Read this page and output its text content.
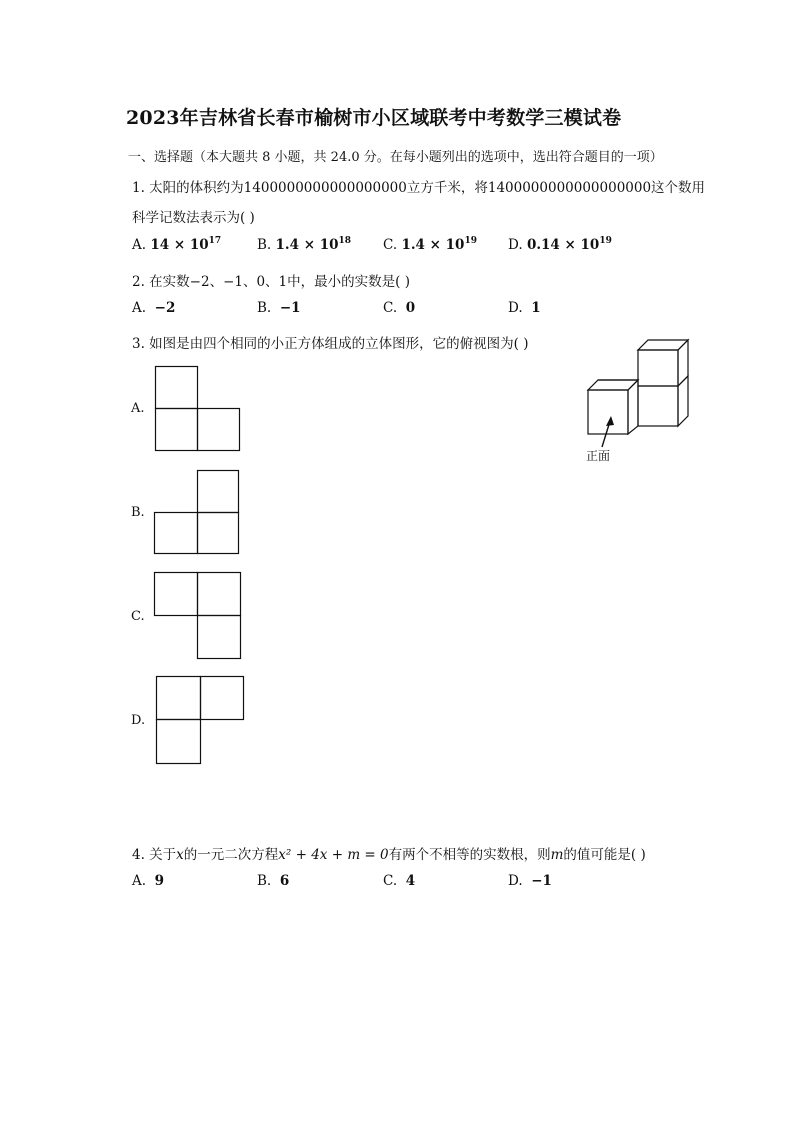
2023年吉林省长春市榆树市小区域联考中考数学三模试卷
一、选择题（本大题共 8 小题，共 24.0 分。在每小题列出的选项中，选出符合题目的一项）
1. 太阳的体积约为1400000000000000000立方千米，将1400000000000000000这个数用
科学记数法表示为( )
A. $14 \times 10^{17}$	B. $1.4 \times 10^{18}$ C. $1.4 \times 10^{19}$ D. $0.14 \times 10^{19}$
2. 在实数−2、−1、0、1中，最小的实数是( )
A. −2	B. −1	C. 0	D. 1
3. 如图是由四个相同的小正方体组成的立体图形，它的俯视图为( )
正面
A.
B.
C.
D.
4. 关于x的一元二次方程x² + 4x + m = 0有两个不相等的实数根，则m的值可能是( )
A. 9	B. 6	C. 4	D. −1
